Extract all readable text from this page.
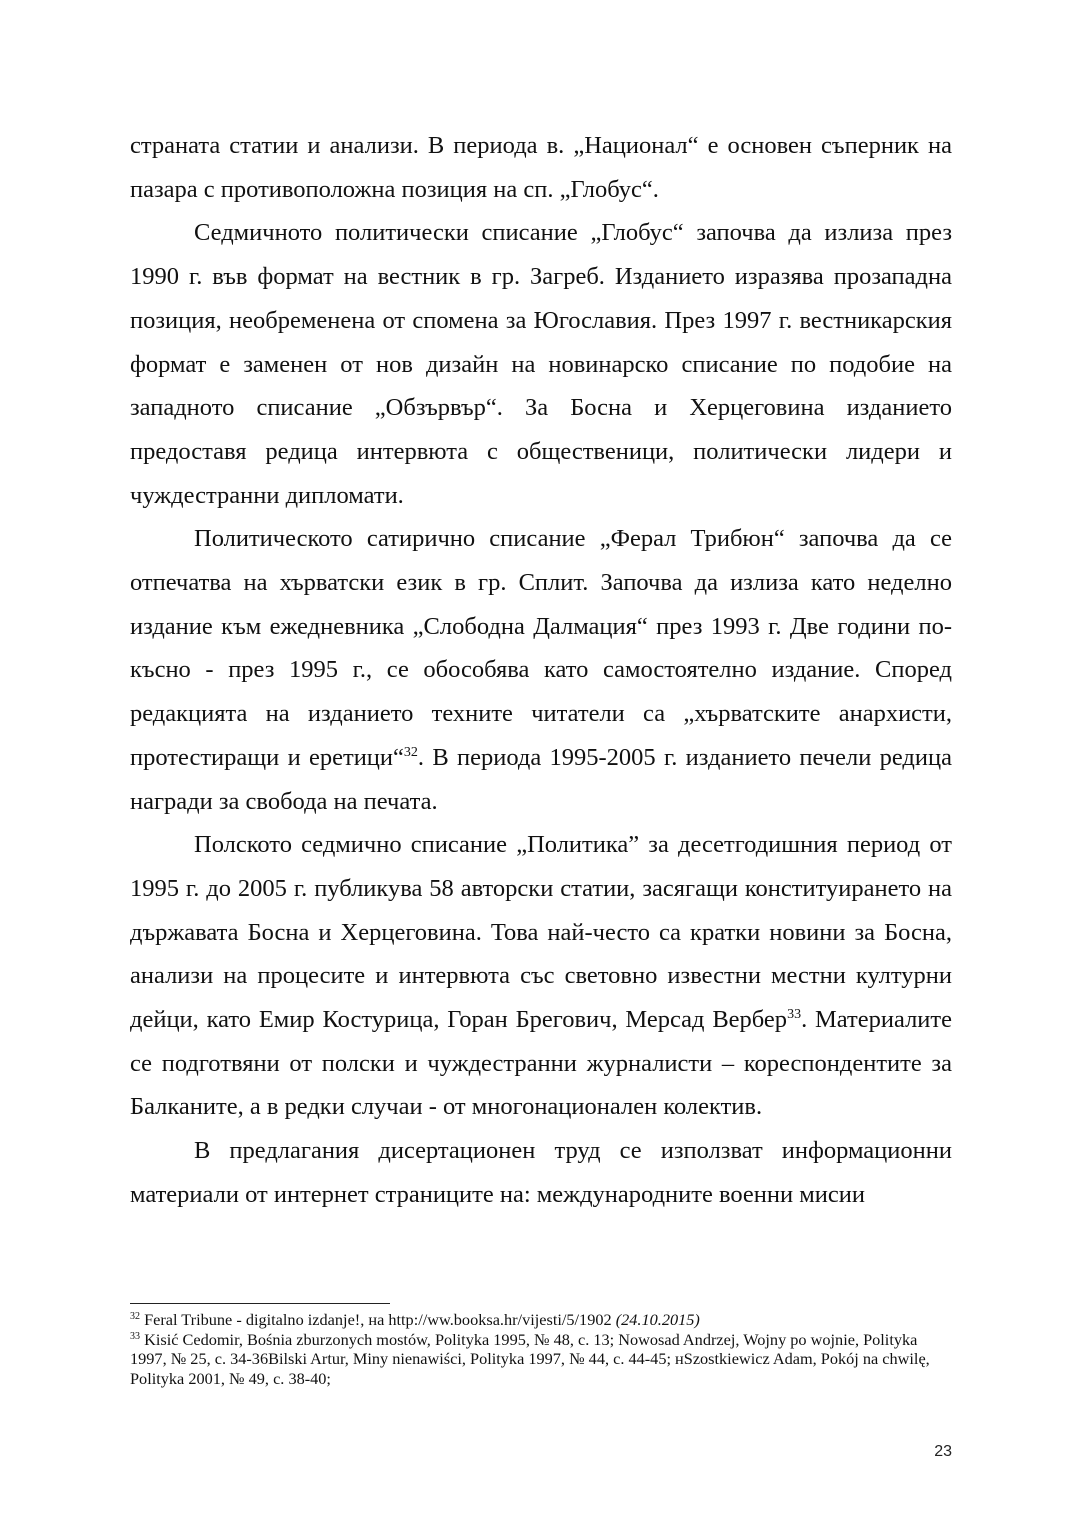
страната статии и анализи. В периода в. „Национал“ е основен съперник на пазара с противоположна позиция на сп. „Глобус“.

Седмичното политически списание „Глобус“ започва да излиза през 1990 г. във формат на вестник в гр. Загреб. Изданието изразява прозападна позиция, необременена от спомена за Югославия. През 1997 г. вестникарския формат е заменен от нов дизайн на новинарско списание по подобие на западното списание „Обзървър“. За Босна и Херцеговина изданието предоставя редица интервюта с общественици, политически лидери и чуждестранни дипломати.

Политическото сатирично списание „Ферал Трибюн“ започва да се отпечатва на хърватски език в гр. Сплит. Започва да излиза като неделно издание към ежедневника „Слободна Далмация“ през 1993 г. Две години по-късно - през 1995 г., се обособява като самостоятелно издание. Според редакцията на изданието техните читатели са „хърватските анархисти, протестиращи и еретици“$^{32}$. В периода 1995-2005 г. изданието печели редица награди за свобода на печата.

Полското седмично списание „Политика” за десетгодишния период от 1995 г. до 2005 г. публикува 58 авторски статии, засягащи конституирането на държавата Босна и Херцеговина. Това най-често са кратки новини за Босна, анализи на процесите и интервюта със световно известни местни културни дейци, като Емир Костурица, Горан Брегович, Мерсад Вербер$^{33}$. Материалите се подготвяни от полски и чуждестранни журналисти – кореспондентите за Балканите, а в редки случаи - от многонационален колектив.

В предлагания дисертационен труд се използват информационни материали от интернет страниците на: международните военни мисии

$^{32}$ Feral Tribune - digitalno izdanje!, на http://ww.booksa.hr/vijesti/5/1902 (24.10.2015)

$^{33}$ Kisić Cedomir, Bośnia zburzonych mostów, Polityka 1995, № 48, с. 13; Nowosad Andrzej, Wojny po wojnie, Polityka 1997, № 25, с. 34-36Bilski Artur, Miny nienawiści, Polityka 1997, № 44, с. 44-45; нSzostkiewicz Adam, Pokój na chwilę, Polityka 2001, № 49, с. 38-40;

23
